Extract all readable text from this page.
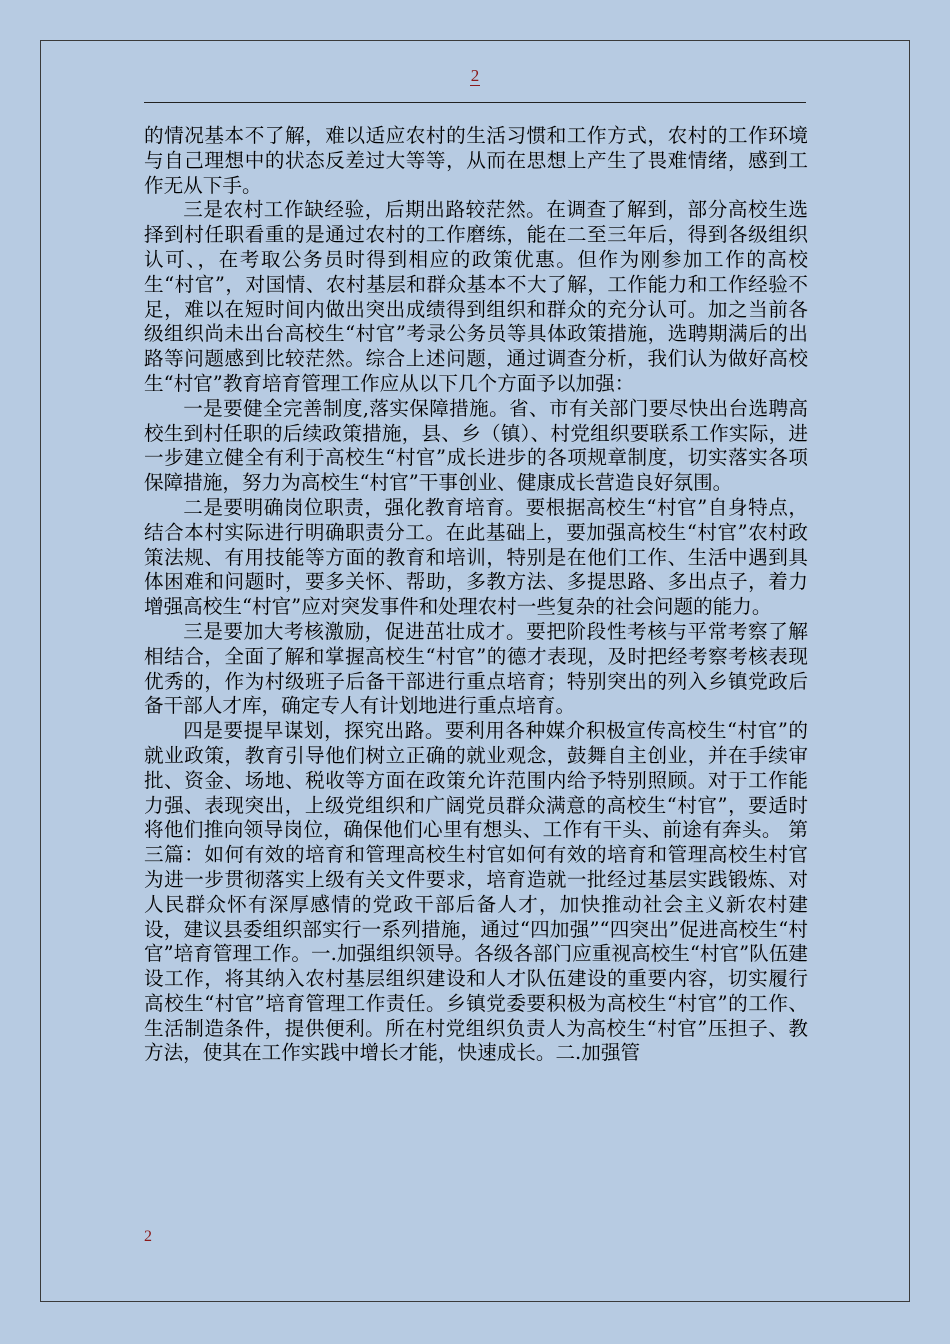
2

的情况基本不了解，难以适应农村的生活习惯和工作方式，农村的工作环境与自己理想中的状态反差过大等等，从而在思想上产生了畏难情绪，感到工作无从下手。

三是农村工作缺经验，后期出路较茫然。在调查了解到，部分高校生选择到村任职看重的是通过农村的工作磨练，能在二至三年后，得到各级组织认可、，在考取公务员时得到相应的政策优惠。但作为刚参加工作的高校生“村官”，对国情、农村基层和群众基本不大了解，工作能力和工作经验不足，难以在短时间内做出突出成绩得到组织和群众的充分认可。加之当前各级组织尚未出台高校生“村官”考录公务员等具体政策措施，选聘期满后的出路等问题感到比较茫然。综合上述问题，通过调查分析，我们认为做好高校生“村官”教育培育管理工作应从以下几个方面予以加强：

一是要健全完善制度,落实保障措施。省、市有关部门要尽快出台选聘高校生到村任职的后续政策措施，县、乡（镇）、村党组织要联系工作实际，进一步建立健全有利于高校生“村官”成长进步的各项规章制度，切实落实各项保障措施，努力为高校生“村官”干事创业、健康成长营造良好氛围。

二是要明确岗位职责，强化教育培育。要根据高校生“村官”自身特点，结合本村实际进行明确职责分工。在此基础上，要加强高校生“村官”农村政策法规、有用技能等方面的教育和培训，特别是在他们工作、生活中遇到具体困难和问题时，要多关怀、帮助，多教方法、多提思路、多出点子，着力增强高校生“村官”应对突发事件和处理农村一些复杂的社会问题的能力。

三是要加大考核激励，促进茁壮成才。要把阶段性考核与平常考察了解相结合，全面了解和掌握高校生“村官”的德才表现，及时把经考察考核表现优秀的，作为村级班子后备干部进行重点培育；特别突出的列入乡镇党政后备干部人才库，确定专人有计划地进行重点培育。

四是要提早谋划，探究出路。要利用各种媒介积极宣传高校生“村官”的就业政策，教育引导他们树立正确的就业观念，鼓舞自主创业，并在手续审批、资金、场地、税收等方面在政策允许范围内给予特别照顾。对于工作能力强、表现突出，上级党组织和广阔党员群众满意的高校生“村官”，要适时将他们推向领导岗位，确保他们心里有想头、工作有干头、前途有奔头。 第三篇：如何有效的培育和管理高校生村官如何有效的培育和管理高校生村官为进一步贯彻落实上级有关文件要求，培育造就一批经过基层实践锻炼、对人民群众怀有深厚感情的党政干部后备人才，加快推动社会主义新农村建设，建议县委组织部实行一系列措施，通过“四加强”“四突出”促进高校生“村官”培育管理工作。一.加强组织领导。各级各部门应重视高校生“村官”队伍建设工作，将其纳入农村基层组织建设和人才队伍建设的重要内容，切实履行高校生“村官”培育管理工作责任。乡镇党委要积极为高校生“村官”的工作、生活制造条件，提供便利。所在村党组织负责人为高校生“村官”压担子、教方法，使其在工作实践中增长才能，快速成长。二.加强管

2
